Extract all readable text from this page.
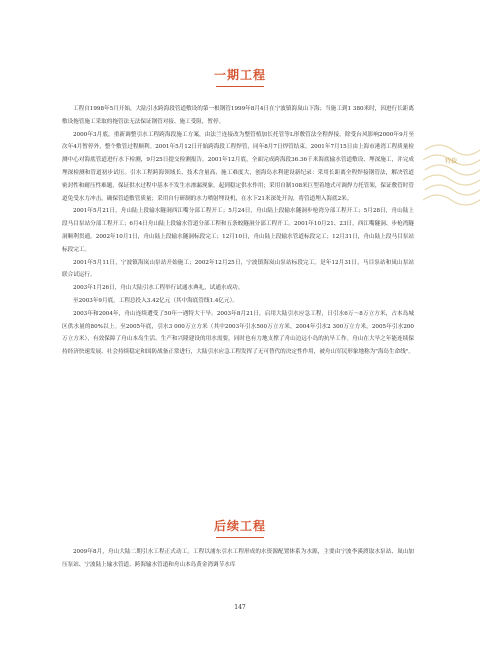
特载
一期工程

工程自1998年5月开始，大陆引水跨海段管道敷设的第一根钢管1999年8月4日在宁波镇海岚山下海；当施工到1 380米时，因进行长距离敷设拖管施工采取的拖管法无法保证钢管对接、施工受阻，暂停。

2000年3月底，重新调整引水工程跨海段施工方案，由法兰连接改为整管植加长托管等L形敷管法全程焊接。除受台风影响2000年9月至次年4月暂停外，整个敷管过程顺利。2001年5月12日开始跨海段工程焊管，同年8月7日焊管结束。2001年7月15日由上海市港湾工程质量检测中心对海底管道进行水下检测，9月25日提交检测报告。2001年12月底，全面完成跨海段36.36千米海底输水管道敷设、埋深施工，并完成埋深检测和管道初步试压。引水工程跨海领域长、技术含量高、施工难度大，创海岛水利建设新纪录：采用长距离全程焊接钢管法，解决管道密封性和耐压性难题，保证供水过程中基本不发生水渗漏现象，起到稳定供水作用；采用自制108米巨型着地式可调焊力托管架，保证敷管时管道免受水力冲击，确保管道敷管质量；采用自行研制的水力喷射埋设机，在水下21米深处开沟，将管道埋入海底2米。

2001年5月21日，舟山陆上段输水隧洞西江嘴分部工程开工；5月24日，舟山陆上段输水隧洞步枪湾分部工程开工；5月28日，舟山陆上段马目泵站分部工程开工；6月4日舟山陆上段输水管道分部工程和五条蛟隧洞分部工程开工。2001年10月21、23日，西江嘴隧洞、步枪湾隧洞顺利贯通。2002年10月1日，舟山陆上段输水隧洞标段完工；12月10日，舟山陆上段输水管道标段完工；12月31日，舟山陆上段马目泵站标段完工。

2001年5月11日，宁波镇海岚山泵站开始施工；2002年12月25日，宁波镇海岚山泵站标段完工。是年12月31日，马目泵站和岚山泵站联合试运行。

2003年1月26日，舟山大陆引水工程举行试通水典礼，试通水成功。

至2003年9月底，工程总投入3.42亿元（其中海底管线1.4亿元）。

2003年和2004年，舟山连续遭受了50年一遇特大干旱。2003年8月21日，启用大陆引水应急工程，日引水6万～8万立方米，占本岛城区供水量的80%以上。至2005年底，引水3 000万立方米（其中2003年引水500万立方米，2004年引水2 300万立方米，2005年引水200万立方米），有效保障了舟山本岛生活、生产和兴隆建设的用水需要，同时也有力地支撑了舟山边远小岛的抗旱工作。舟山在大旱之年能连续保持经济快速发展、社会持续稳定和国防战备正常进行，大陆引水应急工程发挥了无可替代的决定性作用，被舟山军民形象地称为"海岛生命线"。

后续工程

2009年8月，舟山大陆二期引水工程正式动工。工程以浦东引水工程形成的水资源配置体系为水源，主要由宁波李溪渡取水泵站、岚山加压泵站、宁波陆上输水管道、跨海输水管道和舟山本岛黄金湾调节水库

147
